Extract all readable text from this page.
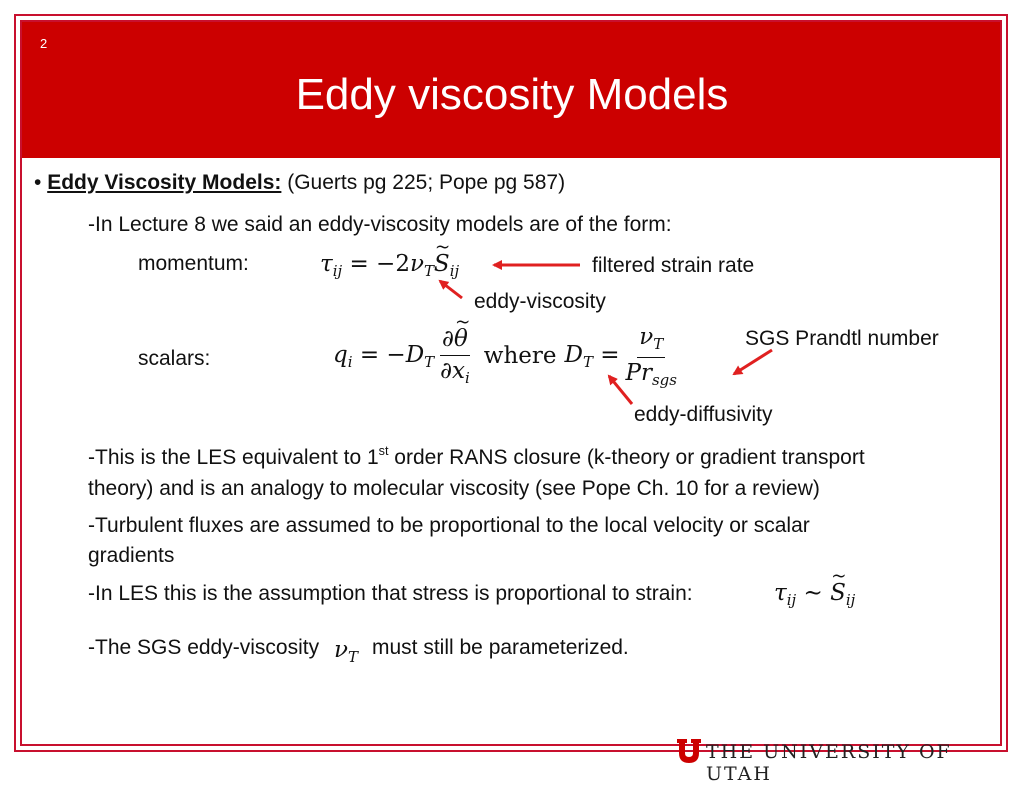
2
Eddy viscosity Models
• Eddy Viscosity Models: (Guerts pg 225; Pope pg 587)
-In Lecture 8 we said an eddy-viscosity models are of the form:
momentum:	$\tau_{ij}$ = $-2\nu_T\sim$ $S_{ij}$	filtered strain rate
eddy-viscosity
scalars:	$q_i = -D_T \frac{\partial\sim \theta}{\partial x_i}$ where $D_T = \frac{\nu_T}{Pr_{sgs}}$	SGS Prandtl number
eddy-diffusivity
-This is the LES equivalent to 1st order RANS closure (k-theory or gradient transport
theory) and is an analogy to molecular viscosity (see Pope Ch. 10 for a review)
-Turbulent fluxes are assumed to be proportional to the local velocity or scalar
gradients
-In LES this is the assumption that stress is proportional to strain:	$\tau_{ij}$ ∼ ~ $S_{ij}$
-The SGS eddy-viscosity $\nu_T$ must still be parameterized.
THE UNIVERSITY OF UTAH
